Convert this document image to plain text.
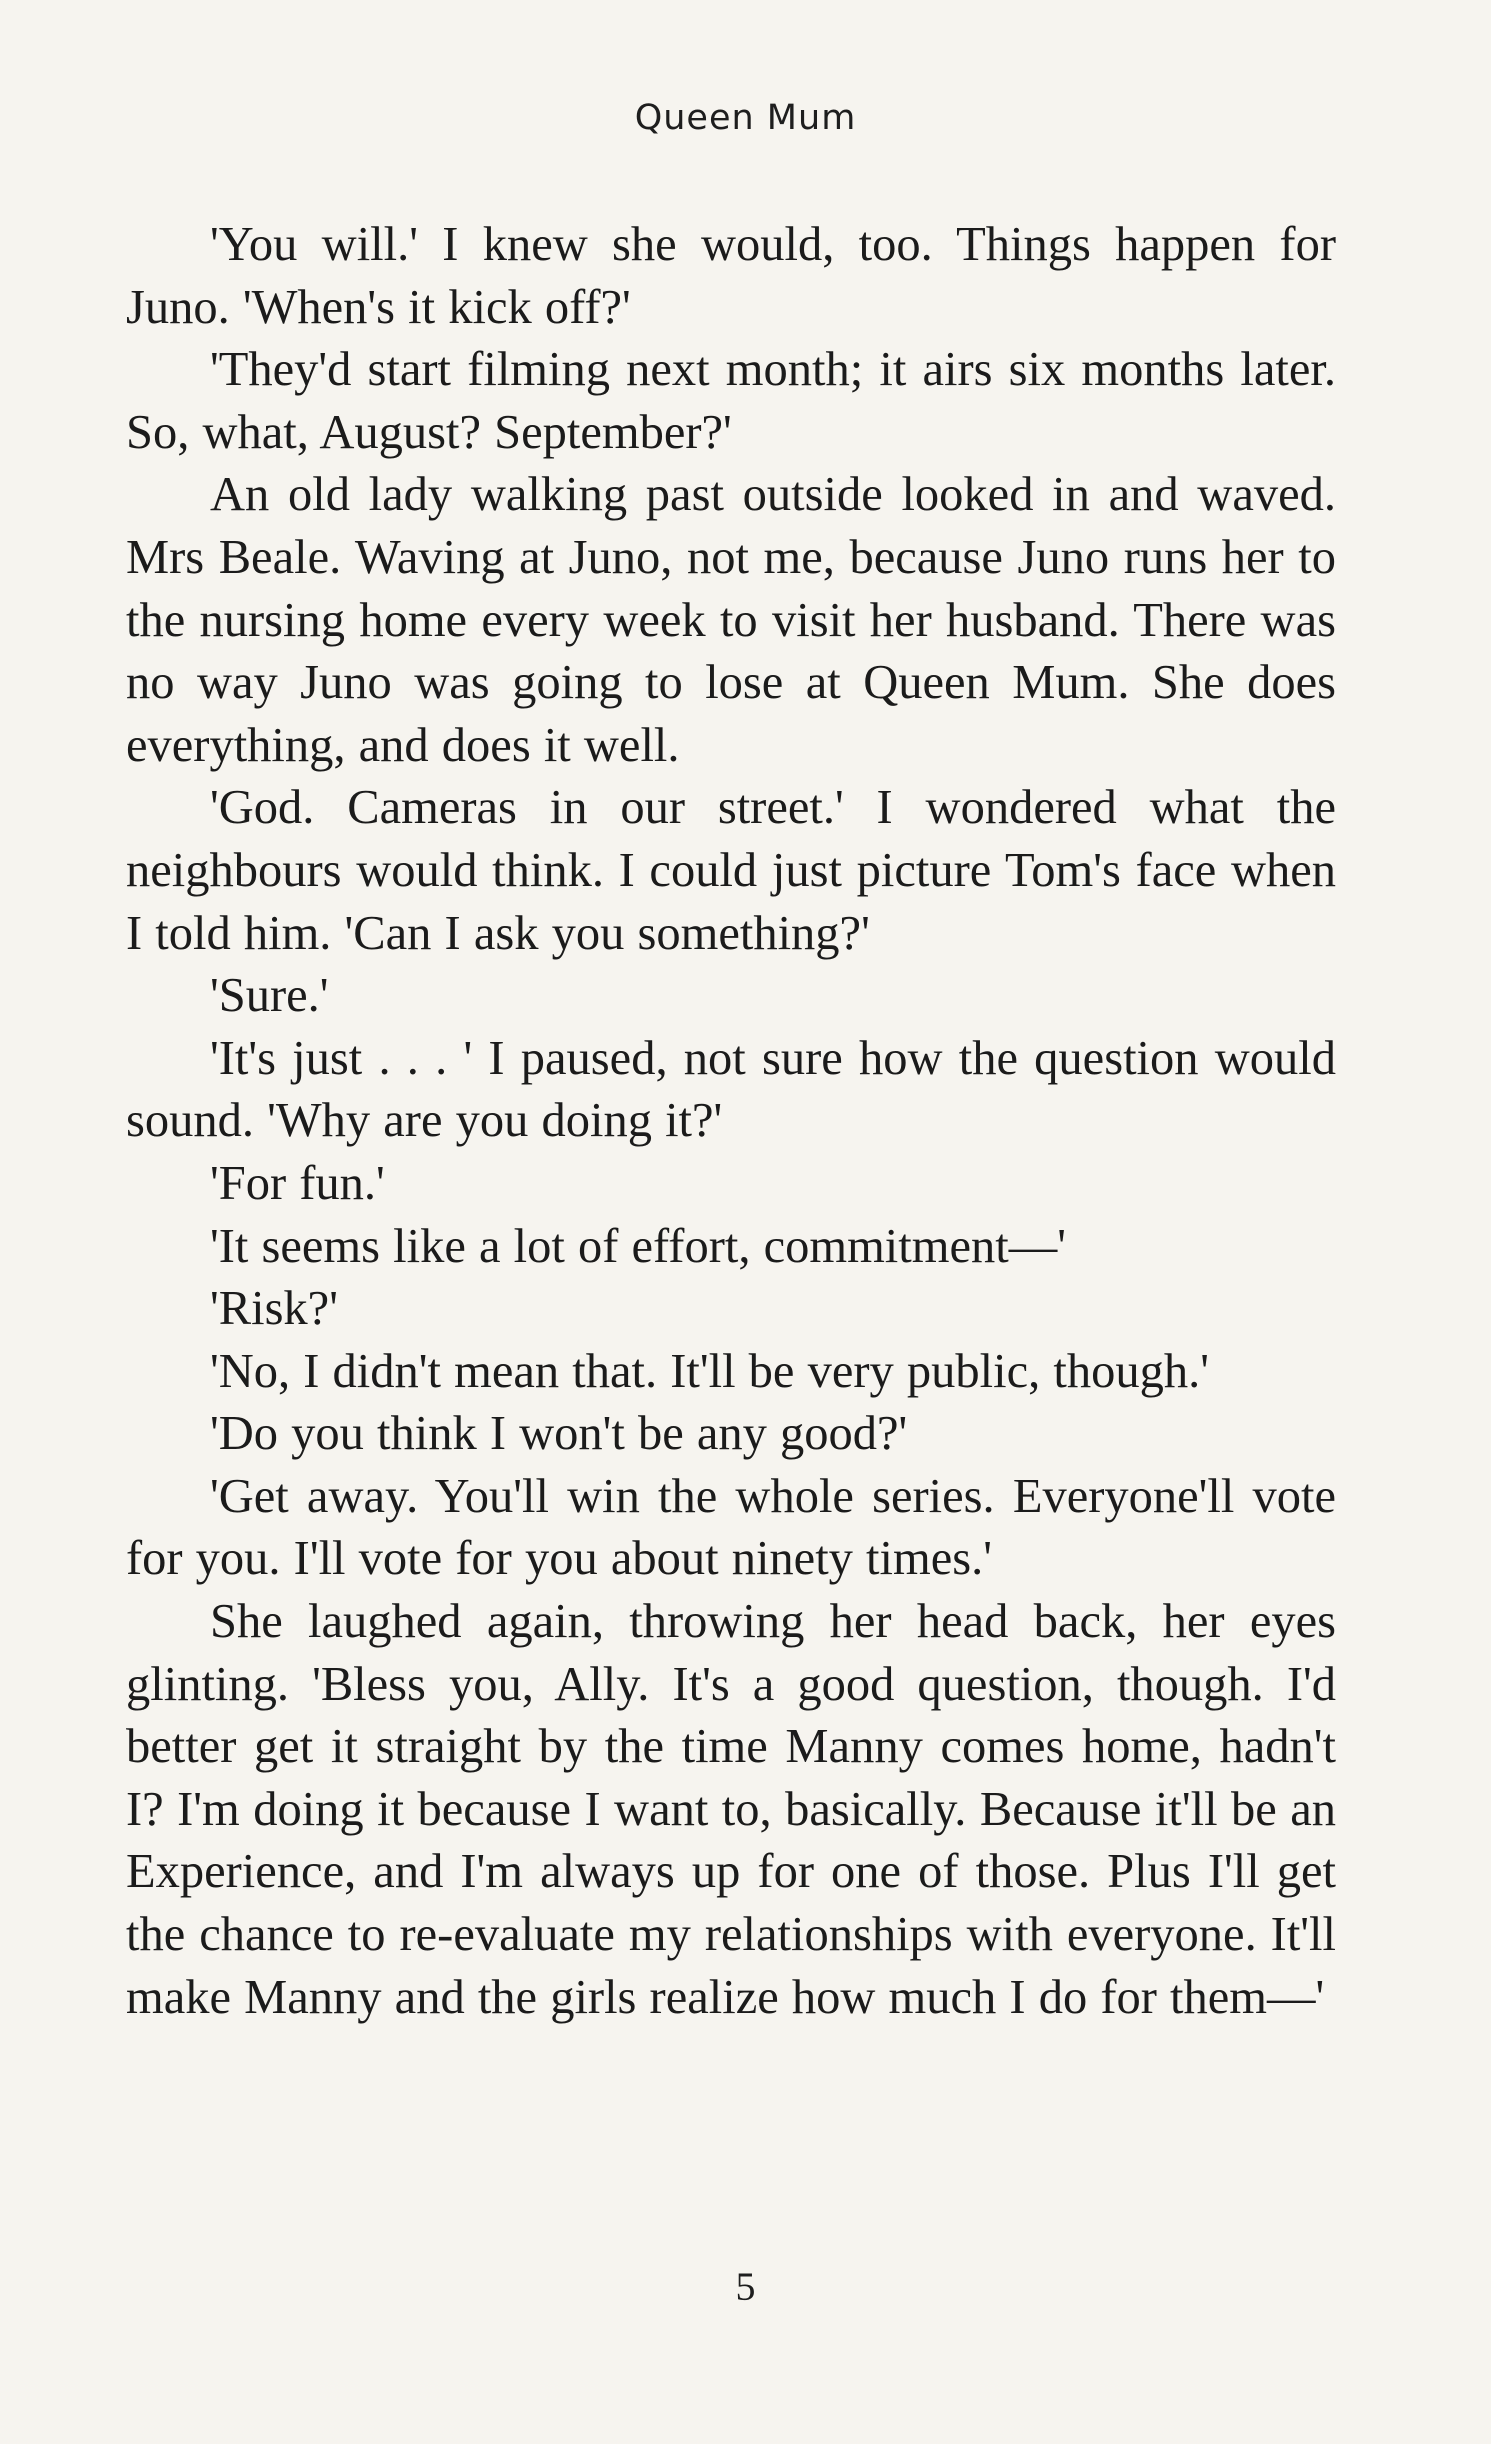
Queen Mum

'You will.' I knew she would, too. Things happen for Juno. 'When's it kick off?'

'They'd start filming next month; it airs six months later. So, what, August? September?'

An old lady walking past outside looked in and waved. Mrs Beale. Waving at Juno, not me, because Juno runs her to the nursing home every week to visit her husband. There was no way Juno was going to lose at Queen Mum. She does everything, and does it well.

'God. Cameras in our street.' I wondered what the neighbours would think. I could just picture Tom's face when I told him. 'Can I ask you something?'

'Sure.'

'It's just . . . ' I paused, not sure how the question would sound. 'Why are you doing it?'

'For fun.'

'It seems like a lot of effort, commitment—'

'Risk?'

'No, I didn't mean that. It'll be very public, though.'

'Do you think I won't be any good?'

'Get away. You'll win the whole series. Everyone'll vote for you. I'll vote for you about ninety times.'

She laughed again, throwing her head back, her eyes glinting. 'Bless you, Ally. It's a good question, though. I'd better get it straight by the time Manny comes home, hadn't I? I'm doing it because I want to, basically. Because it'll be an Experience, and I'm always up for one of those. Plus I'll get the chance to re-evaluate my relationships with everyone. It'll make Manny and the girls realize how much I do for them—'

5
